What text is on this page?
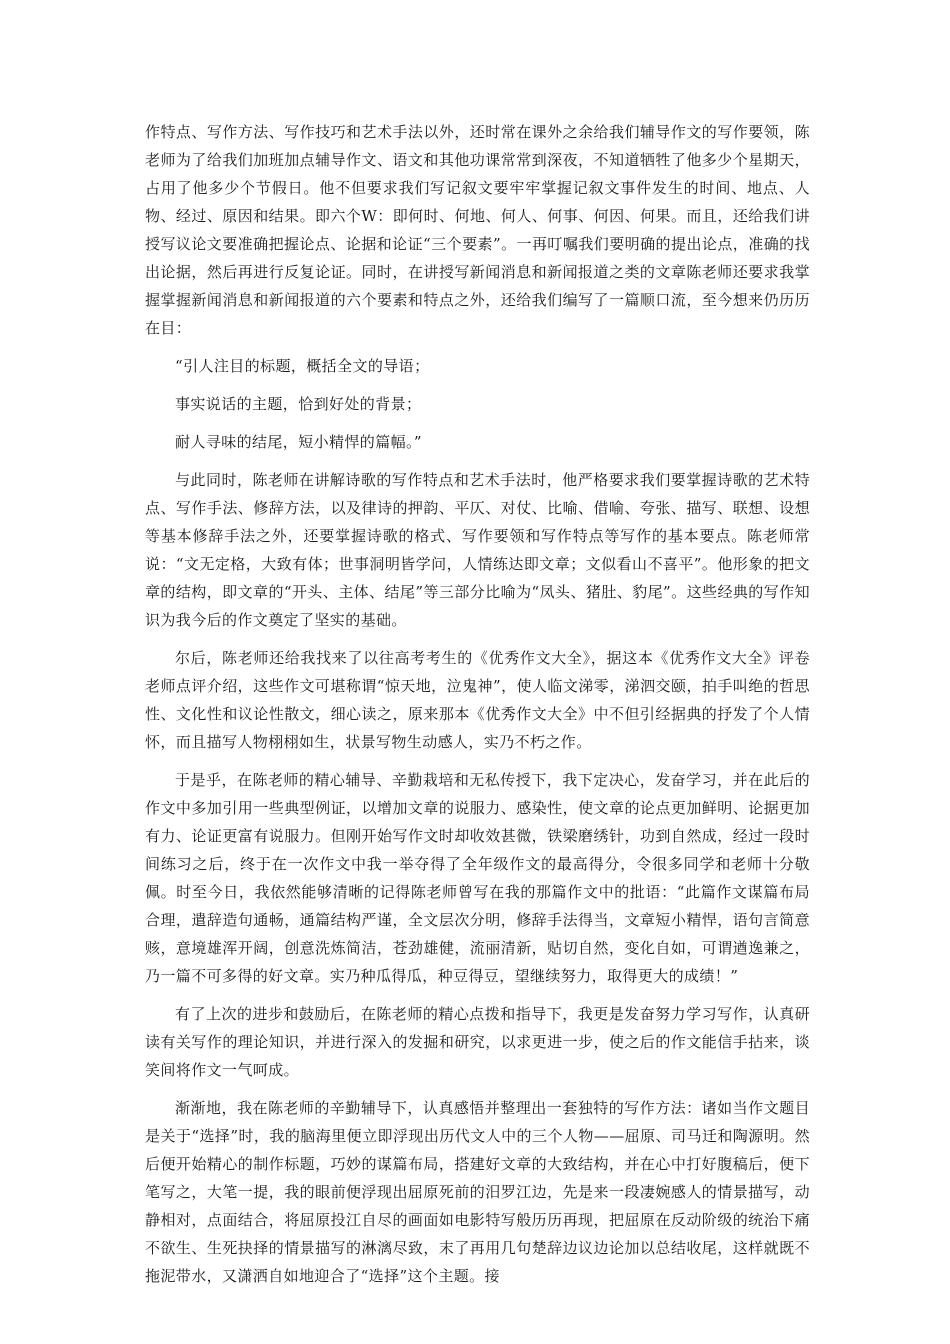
作特点、写作方法、写作技巧和艺术手法以外，还时常在课外之余给我们辅导作文的写作要领，陈老师为了给我们加班加点辅导作文、语文和其他功课常常到深夜，不知道牺牲了他多少个星期天，占用了他多少个节假日。他不但要求我们写记叙文要牢牢掌握记叙文事件发生的时间、地点、人物、经过、原因和结果。即六个W：即何时、何地、何人、何事、何因、何果。而且，还给我们讲授写议论文要准确把握论点、论据和论证“三个要素”。一再叮嘱我们要明确的提出论点，准确的找出论据，然后再进行反复论证。同时，在讲授写新闻消息和新闻报道之类的文章陈老师还要求我掌握掌握新闻消息和新闻报道的六个要素和特点之外，还给我们编写了一篇顺口流，至今想来仍历历在目：

“引人注目的标题，概括全文的导语；
事实说话的主题，恰到好处的背景；
耐人寻味的结尾，短小精悍的篇幅。”

与此同时，陈老师在讲解诗歌的写作特点和艺术手法时，他严格要求我们要掌握诗歌的艺术特点、写作手法、修辞方法，以及律诗的押韵、平仄、对仗、比喻、借喻、夸张、描写、联想、设想等基本修辞手法之外，还要掌握诗歌的格式、写作要领和写作特点等写作的基本要点。陈老师常说：“文无定格，大致有体；世事洞明皆学问，人情练达即文章；文似看山不喜平”。他形象的把文章的结构，即文章的“开头、主体、结尾”等三部分比喻为“凤头、猪肚、豹尾”。这些经典的写作知识为我今后的作文奠定了坚实的基础。

尔后，陈老师还给我找来了以往高考考生的《优秀作文大全》，据这本《优秀作文大全》评卷老师点评介绍，这些作文可堪称谓“惊天地，泣鬼神”，使人临文涕零，涕泗交颐，拍手叫绝的哲思性、文化性和议论性散文，细心读之，原来那本《优秀作文大全》中不但引经据典的抒发了个人情怀，而且描写人物栩栩如生，状景写物生动感人，实乃不朽之作。

于是乎，在陈老师的精心辅导、辛勤栽培和无私传授下，我下定决心，发奋学习，并在此后的作文中多加引用一些典型例证，以增加文章的说服力、感染性，使文章的论点更加鲜明、论据更加有力、论证更富有说服力。但刚开始写作文时却收效甚微，铁梁磨绣针，功到自然成，经过一段时间练习之后，终于在一次作文中我一举夺得了全年级作文的最高得分，令很多同学和老师十分敬佩。时至今日，我依然能够清晰的记得陈老师曾写在我的那篇作文中的批语：“此篇作文谋篇布局合理，遣辞造句通畅，通篇结构严谨，全文层次分明，修辞手法得当，文章短小精悍，语句言简意赅，意境雄浑开阔，创意洗炼简洁，苍劲雄健，流丽清新，贴切自然，变化自如，可谓遒逸兼之，乃一篇不可多得的好文章。实乃种瓜得瓜，种豆得豆，望继续努力，取得更大的成绩！”

有了上次的进步和鼓励后，在陈老师的精心点拨和指导下，我更是发奋努力学习写作，认真研读有关写作的理论知识，并进行深入的发掘和研究，以求更进一步，使之后的作文能信手拈来，谈笑间将作文一气呵成。

渐渐地，我在陈老师的辛勤辅导下，认真感悟并整理出一套独特的写作方法：诸如当作文题目是关于“选择”时，我的脑海里便立即浮现出历代文人中的三个人物——屈原、司马迁和陶源明。然后便开始精心的制作标题，巧妙的谋篇布局，搭建好文章的大致结构，并在心中打好腹稿后，便下笔写之，大笔一提，我的眼前便浮现出屈原死前的汨罗江边，先是来一段凄婉感人的情景描写，动静相对，点面结合，将屈原投江自尽的画面如电影特写般历历再现，把屈原在反动阶级的统治下痛不欲生、生死抉择的情景描写的淋漓尽致，末了再用几句楚辞边议边论加以总结收尾，这样就既不拖泥带水，又潇洒自如地迎合了“选择”这个主题。接
